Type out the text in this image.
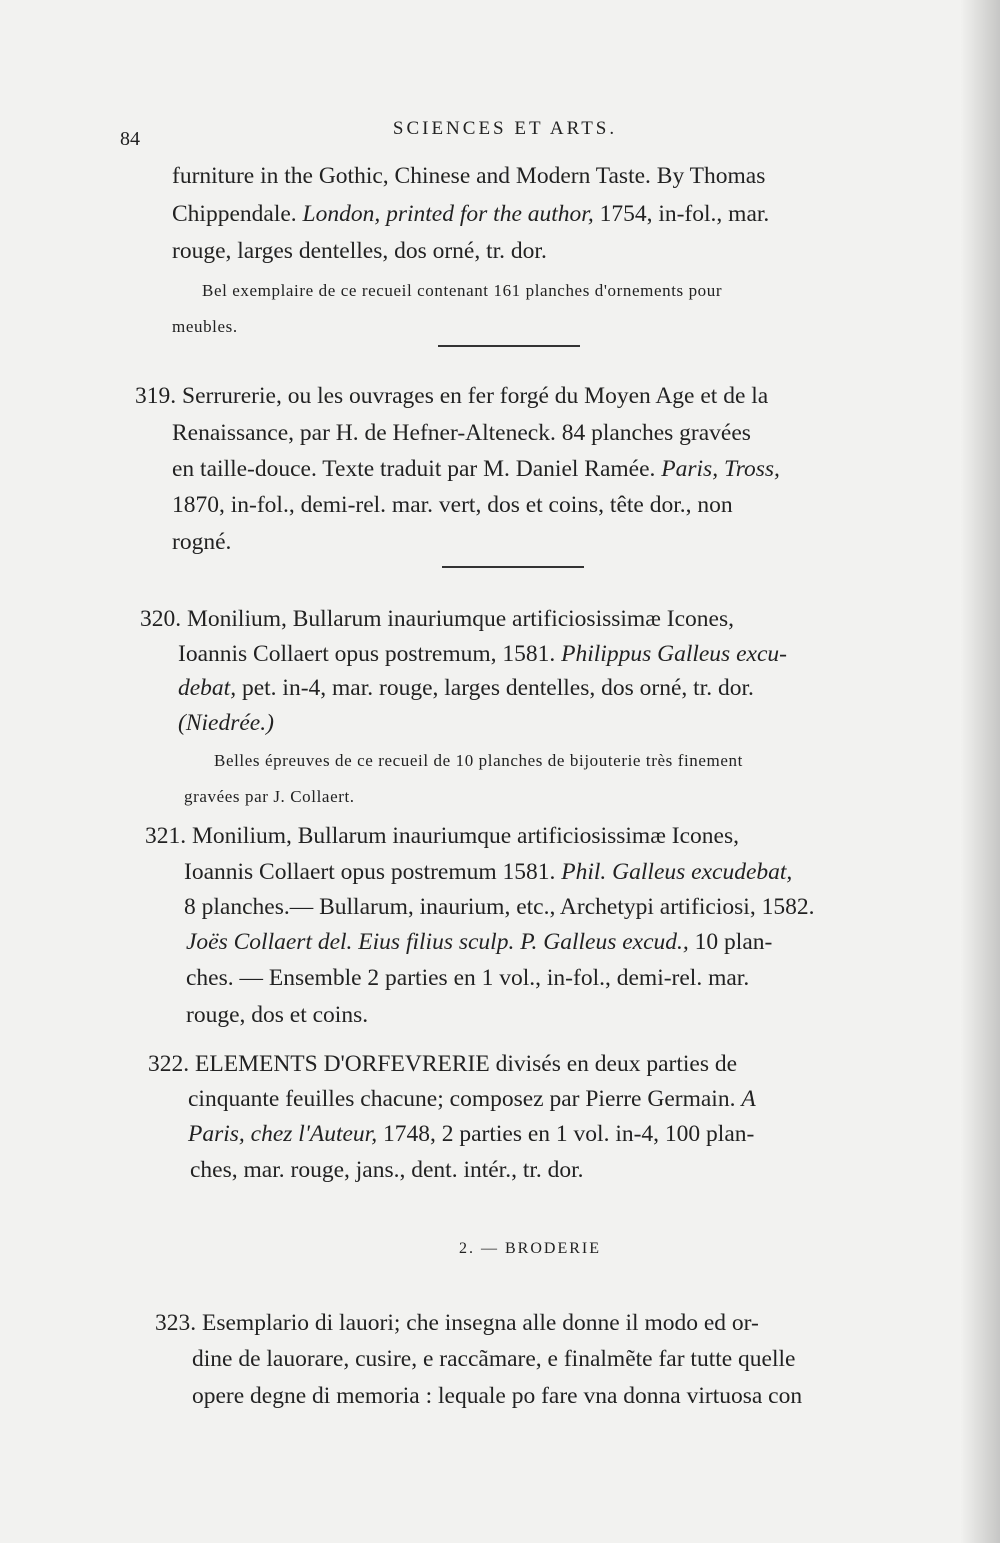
84	SCIENCES ET ARTS.
furniture in the Gothic, Chinese and Modern Taste. By Thomas
Chippendale. London, printed for the author, 1754, in-fol., mar.
rouge, larges dentelles, dos orné, tr. dor.
Bel exemplaire de ce recueil contenant 161 planches d'ornements pour
meubles.
319. Serrurerie, ou les ouvrages en fer forgé du Moyen Age et de la
Renaissance, par H. de Hefner-Alteneck. 84 planches gravées
en taille-douce. Texte traduit par M. Daniel Ramée. Paris, Tross,
1870, in-fol., demi-rel. mar. vert, dos et coins, tête dor., non
rogné.
320. Monilium, Bullarum inauriumque artificiosissimæ Icones,
Ioannis Collaert opus postremum, 1581. Philippus Galleus excu-
debat, pet. in-4, mar. rouge, larges dentelles, dos orné, tr. dor.
(Niedrée.)
Belles épreuves de ce recueil de 10 planches de bijouterie très finement
gravées par J. Collaert.
321. Monilium, Bullarum inauriumque artificiosissimæ Icones,
Ioannis Collaert opus postremum 1581. Phil. Galleus excudebat,
8 planches.— Bullarum, inaurium, etc., Archetypi artificiosi, 1582.
Joës Collaert del. Eius filius sculp. P. Galleus excud., 10 plan-
ches. — Ensemble 2 parties en 1 vol., in-fol., demi-rel. mar.
rouge, dos et coins.
322. ELEMENTS D'ORFEVRERIE divisés en deux parties de
cinquante feuilles chacune; composez par Pierre Germain. A
Paris, chez l'Auteur, 1748, 2 parties en 1 vol. in-4, 100 plan-
ches, mar. rouge, jans., dent. intér., tr. dor.
2. — BRODERIE
323. Esemplario di lauori; che insegna alle donne il modo ed or-
dine de lauorare, cusire, e raccãmare, e finalmẽte far tutte quelle
opere degne di memoria : lequale po fare vna donna virtuosa con
